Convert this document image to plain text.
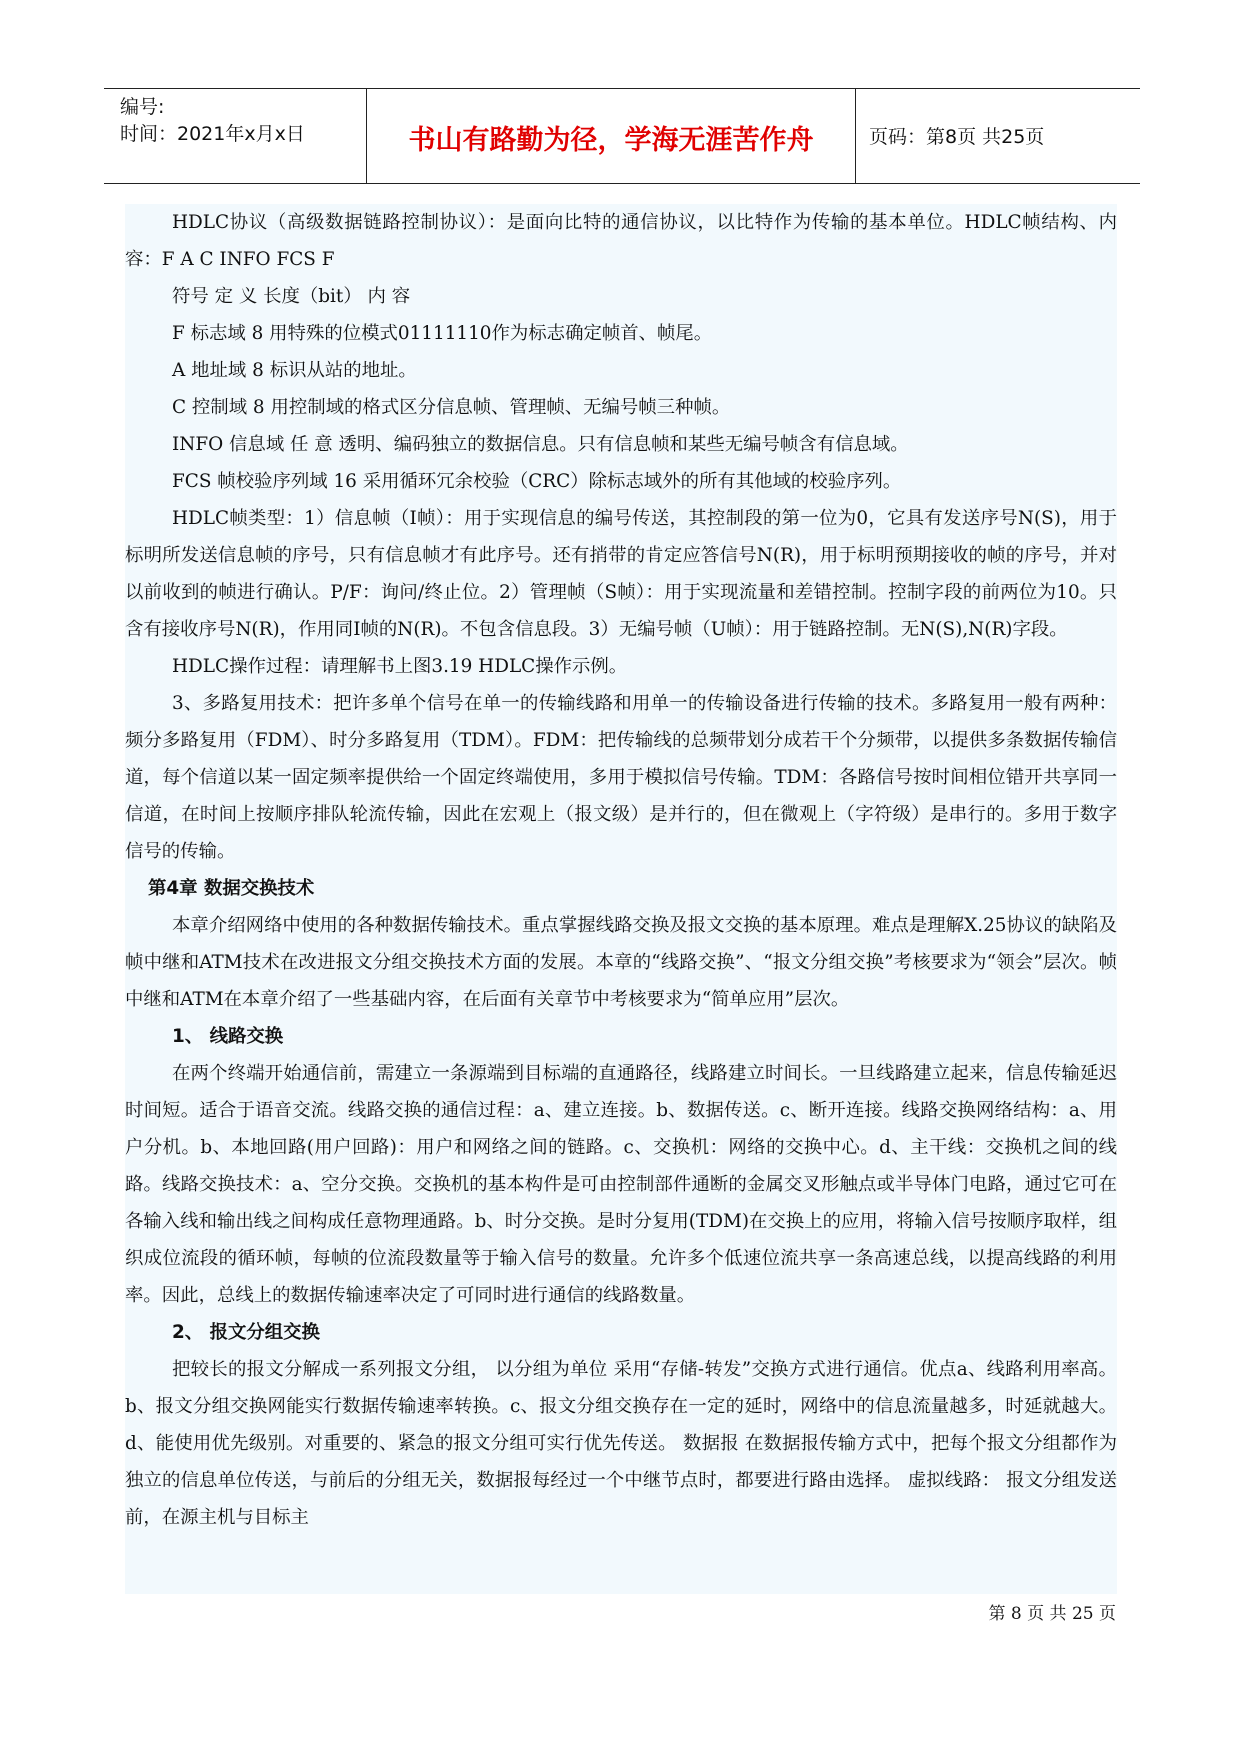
编号:
时间：2021年x月x日	书山有路勤为径，学海无涯苦作舟	页码：第8页 共25页

HDLC协议（高级数据链路控制协议）：是面向比特的通信协议，以比特作为传输的基本单位。HDLC帧结构、内容：F A C INFO FCS F

符号 定 义 长度（bit） 内 容

F 标志域 8 用特殊的位模式01111110作为标志确定帧首、帧尾。

A 地址域 8 标识从站的地址。

C 控制域 8 用控制域的格式区分信息帧、管理帧、无编号帧三种帧。

INFO 信息域 任 意 透明、编码独立的数据信息。只有信息帧和某些无编号帧含有信息域。

FCS 帧校验序列域 16 采用循环冗余校验（CRC）除标志域外的所有其他域的校验序列。

HDLC帧类型：1）信息帧（I帧）：用于实现信息的编号传送，其控制段的第一位为0，它具有发送序号N(S)，用于标明所发送信息帧的序号，只有信息帧才有此序号。还有捎带的肯定应答信号N(R)，用于标明预期接收的帧的序号，并对以前收到的帧进行确认。P/F：询问/终止位。2）管理帧（S帧）：用于实现流量和差错控制。控制字段的前两位为10。只含有接收序号N(R)，作用同I帧的N(R)。不包含信息段。3）无编号帧（U帧）：用于链路控制。无N(S),N(R)字段。

HDLC操作过程：请理解书上图3.19 HDLC操作示例。

3、多路复用技术：把许多单个信号在单一的传输线路和用单一的传输设备进行传输的技术。多路复用一般有两种：频分多路复用（FDM）、时分多路复用（TDM）。FDM：把传输线的总频带划分成若干个分频带，以提供多条数据传输信道，每个信道以某一固定频率提供给一个固定终端使用，多用于模拟信号传输。TDM：各路信号按时间相位错开共享同一信道，在时间上按顺序排队轮流传输，因此在宏观上（报文级）是并行的，但在微观上（字符级）是串行的。多用于数字信号的传输。

第4章 数据交换技术

本章介绍网络中使用的各种数据传输技术。重点掌握线路交换及报文交换的基本原理。难点是理解X.25协议的缺陷及帧中继和ATM技术在改进报文分组交换技术方面的发展。本章的“线路交换”、“报文分组交换”考核要求为“领会”层次。帧中继和ATM在本章介绍了一些基础内容，在后面有关章节中考核要求为“简单应用”层次。

1、 线路交换

在两个终端开始通信前，需建立一条源端到目标端的直通路径，线路建立时间长。一旦线路建立起来，信息传输延迟时间短。适合于语音交流。线路交换的通信过程：a、建立连接。b、数据传送。c、断开连接。线路交换网络结构：a、用户分机。b、本地回路(用户回路)：用户和网络之间的链路。c、交换机：网络的交换中心。d、主干线：交换机之间的线路。线路交换技术：a、空分交换。交换机的基本构件是可由控制部件通断的金属交叉形触点或半导体门电路，通过它可在各输入线和输出线之间构成任意物理通路。b、时分交换。是时分复用(TDM)在交换上的应用，将输入信号按顺序取样，组织成位流段的循环帧，每帧的位流段数量等于输入信号的数量。允许多个低速位流共享一条高速总线，以提高线路的利用率。因此，总线上的数据传输速率决定了可同时进行通信的线路数量。

2、 报文分组交换

把较长的报文分解成一系列报文分组， 以分组为单位 采用“存储-转发”交换方式进行通信。优点a、线路利用率高。b、报文分组交换网能实行数据传输速率转换。c、报文分组交换存在一定的延时，网络中的信息流量越多，时延就越大。d、能使用优先级别。对重要的、紧急的报文分组可实行优先传送。 数据报 在数据报传输方式中，把每个报文分组都作为独立的信息单位传送，与前后的分组无关，数据报每经过一个中继节点时，都要进行路由选择。 虚拟线路： 报文分组发送前，在源主机与目标主

第 8 页 共 25 页
